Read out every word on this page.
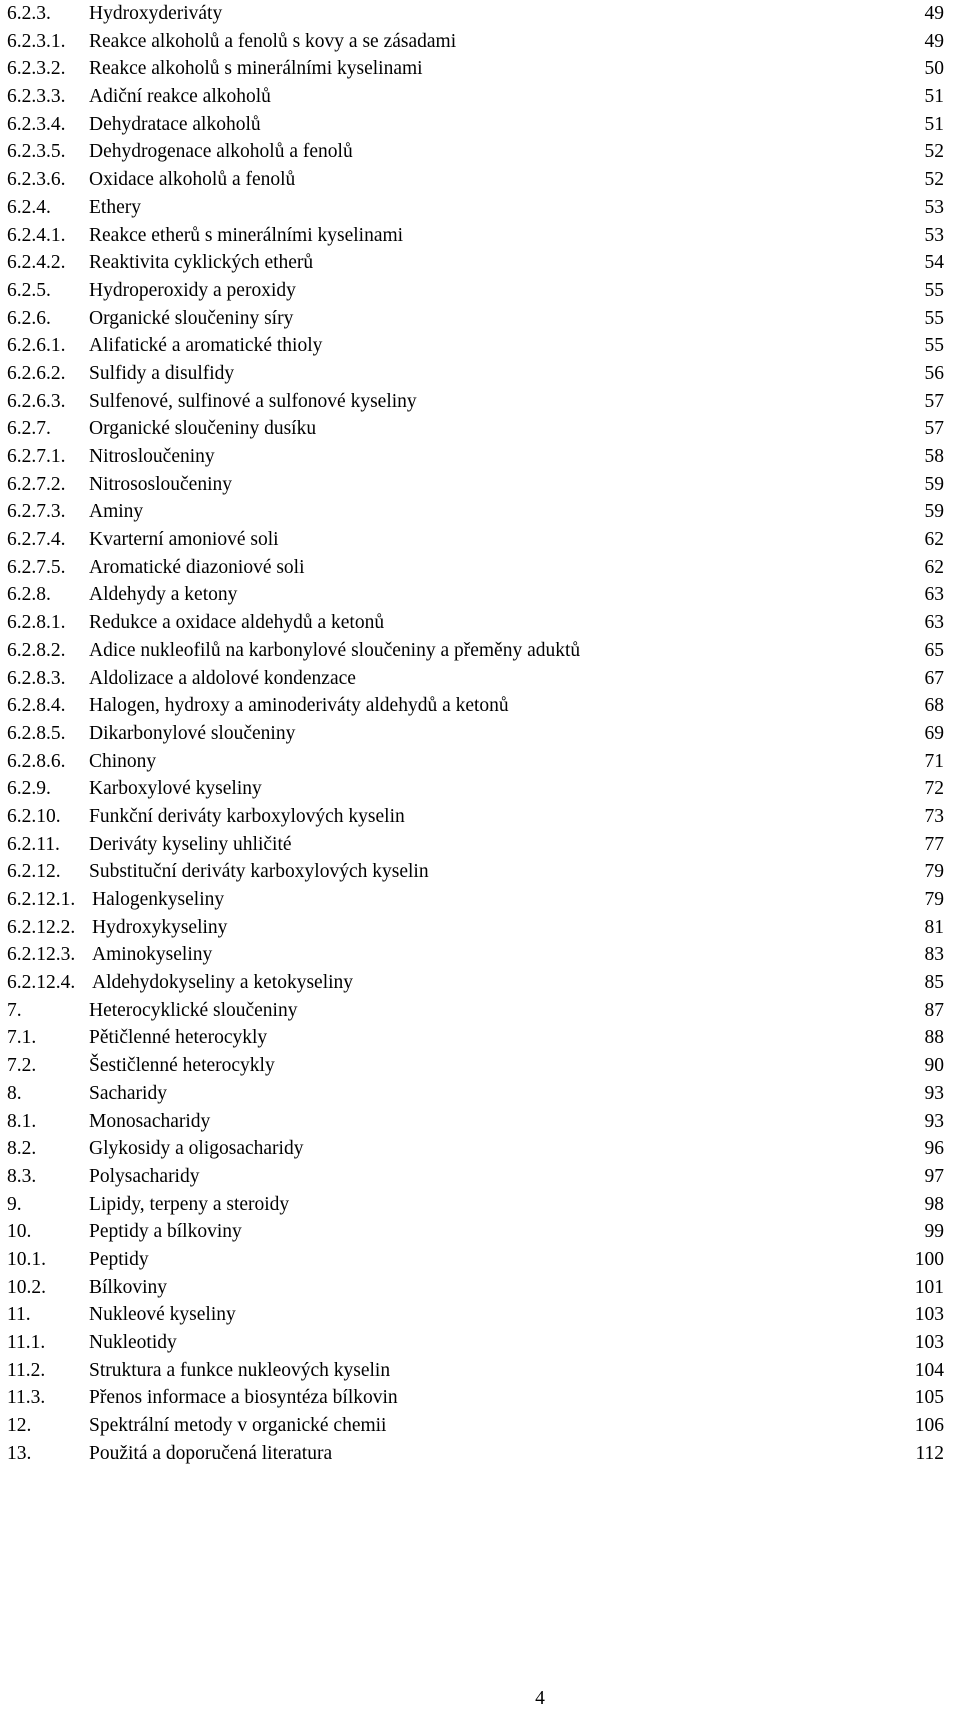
6.2.3. Hydroxyderiváty	49
6.2.3.1. Reakce alkoholů a fenolů s kovy a se zásadami	49
6.2.3.2. Reakce alkoholů s minerálními kyselinami	50
6.2.3.3. Adiční reakce alkoholů	51
6.2.3.4. Dehydratace alkoholů	51
6.2.3.5. Dehydrogenace alkoholů a fenolů	52
6.2.3.6. Oxidace alkoholů a fenolů	52
6.2.4. Ethery	53
6.2.4.1. Reakce etherů s minerálními kyselinami	53
6.2.4.2. Reaktivita cyklických etherů	54
6.2.5. Hydroperoxidy a peroxidy	55
6.2.6. Organické sloučeniny síry	55
6.2.6.1. Alifatické a aromatické thioly	55
6.2.6.2. Sulfidy a disulfidy	56
6.2.6.3. Sulfenové, sulfinové a sulfonové kyseliny	57
6.2.7. Organické sloučeniny dusíku	57
6.2.7.1. Nitrosloučeniny	58
6.2.7.2. Nitrososloučeniny	59
6.2.7.3. Aminy	59
6.2.7.4. Kvarterní amoniové soli	62
6.2.7.5. Aromatické diazoniové soli	62
6.2.8. Aldehydy a ketony	63
6.2.8.1. Redukce a oxidace aldehydů a ketonů	63
6.2.8.2. Adice nukleofilů na karbonylové sloučeniny a přeměny aduktů	65
6.2.8.3. Aldolizace a aldolové kondenzace	67
6.2.8.4. Halogen, hydroxy a aminoderiváty aldehydů a ketonů	68
6.2.8.5. Dikarbonylové sloučeniny	69
6.2.8.6. Chinony	71
6.2.9. Karboxylové kyseliny	72
6.2.10. Funkční deriváty karboxylových kyselin	73
6.2.11. Deriváty kyseliny uhličité	77
6.2.12. Substituční deriváty karboxylových kyselin	79
6.2.12.1. Halogenkyseliny	79
6.2.12.2. Hydroxykyseliny	81
6.2.12.3. Aminokyseliny	83
6.2.12.4. Aldehydokyseliny a ketokyseliny	85
7.	Heterocyklické sloučeniny	87
7.1.	Pětičlenné heterocykly	88
7.2.	Šestičlenné heterocykly	90
8.	Sacharidy	93
8.1.	Monosacharidy	93
8.2.	Glykosidy a oligosacharidy	96
8.3.	Polysacharidy	97
9.	Lipidy, terpeny a steroidy	98
10.	Peptidy a bílkoviny	99
10.1. Peptidy	100
10.2. Bílkoviny	101
11.	Nukleové kyseliny	103
11.1. Nukleotidy	103
11.2. Struktura a funkce nukleových kyselin	104
11.3. Přenos informace a biosyntéza bílkovin	105
12.	Spektrální metody v organické chemii	106
13.	Použitá a doporučená literatura	112
4
